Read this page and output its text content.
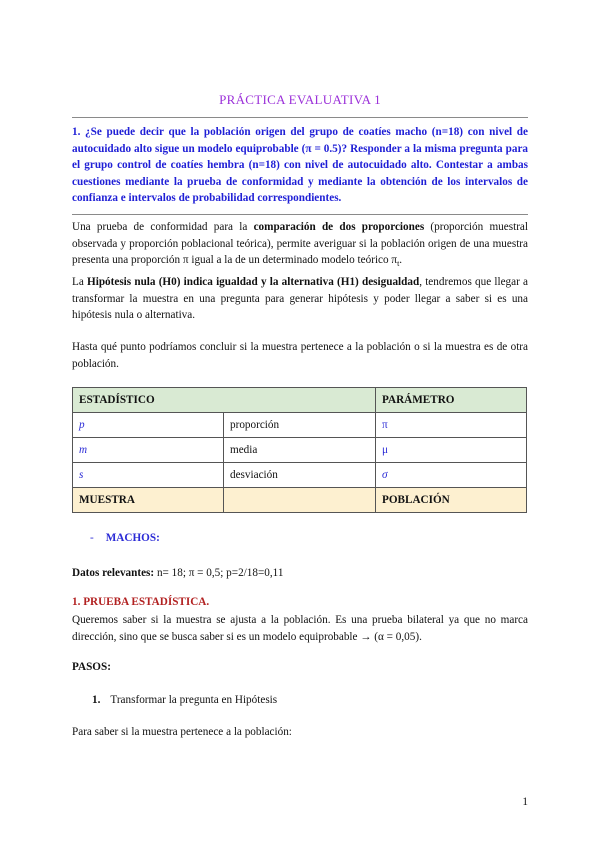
PRÁCTICA EVALUATIVA 1
1. ¿Se puede decir que la población origen del grupo de coatíes macho (n=18) con nivel de autocuidado alto sigue un modelo equiprobable (π = 0.5)? Responder a la misma pregunta para el grupo control de coatíes hembra (n=18) con nivel de autocuidado alto. Contestar a ambas cuestiones mediante la prueba de conformidad y mediante la obtención de los intervalos de confianza e intervalos de probabilidad correspondientes.
Una prueba de conformidad para la comparación de dos proporciones (proporción muestral observada y proporción poblacional teórica), permite averiguar si la población origen de una muestra presenta una proporción π igual a la de un determinado modelo teórico $\pi_t$.
La Hipótesis nula (H0) indica igualdad y la alternativa (H1) desigualdad, tendremos que llegar a transformar la muestra en una pregunta para generar hipótesis y poder llegar a saber si es una hipótesis nula o alternativa.
Hasta qué punto podríamos concluir si la muestra pertenece a la población o si la muestra es de otra población.
ESTADÍSTICO		PARÁMETRO
p	proporción	π
m	media	μ
s	desviación	σ
MUESTRA		POBLACIÓN
- MACHOS:
Datos relevantes: n= 18; π = 0,5; p=2/18=0,11
1. PRUEBA ESTADÍSTICA.
Queremos saber si la muestra se ajusta a la población. Es una prueba bilateral ya que no marca dirección, sino que se busca saber si es un modelo equiprobable → (α = 0,05).
PASOS:
1. Transformar la pregunta en Hipótesis
Para saber si la muestra pertenece a la población:
1
